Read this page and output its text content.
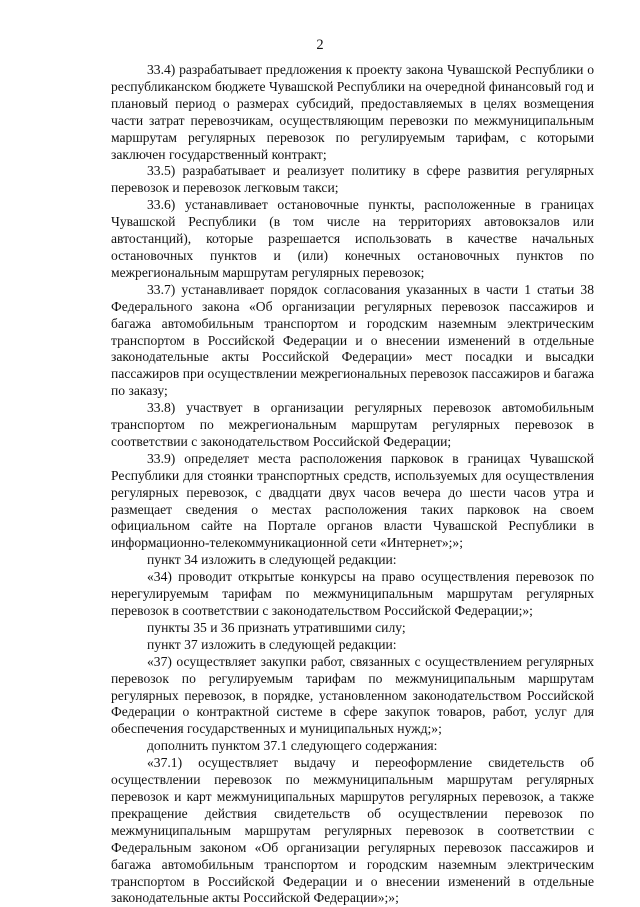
2

33.4) разрабатывает предложения к проекту закона Чувашской Республики о республиканском бюджете Чувашской Республики на очередной финансовый год и плановый период о размерах субсидий, предоставляемых в целях возмещения части затрат перевозчикам, осуществляющим перевозки по межмуниципальным маршрутам регулярных перевозок по регулируемым тарифам, с которыми заключен государственный контракт;

33.5) разрабатывает и реализует политику в сфере развития регулярных перевозок и перевозок легковым такси;

33.6) устанавливает остановочные пункты, расположенные в границах Чувашской Республики (в том числе на территориях автовокзалов или автостанций), которые разрешается использовать в качестве начальных остановочных пунктов и (или) конечных остановочных пунктов по межрегиональным маршрутам регулярных перевозок;

33.7) устанавливает порядок согласования указанных в части 1 статьи 38 Федерального закона «Об организации регулярных перевозок пассажиров и багажа автомобильным транспортом и городским наземным электрическим транспортом в Российской Федерации и о внесении изменений в отдельные законодательные акты Российской Федерации» мест посадки и высадки пассажиров при осуществлении межрегиональных перевозок пассажиров и багажа по заказу;

33.8) участвует в организации регулярных перевозок автомобильным транспортом по межрегиональным маршрутам регулярных перевозок в соответствии с законодательством Российской Федерации;

33.9) определяет места расположения парковок в границах Чувашской Республики для стоянки транспортных средств, используемых для осуществления регулярных перевозок, с двадцати двух часов вечера до шести часов утра и размещает сведения о местах расположения таких парковок на своем официальном сайте на Портале органов власти Чувашской Республики в информационно-телекоммуникационной сети «Интернет»;»;

пункт 34 изложить в следующей редакции:

«34) проводит открытые конкурсы на право осуществления перевозок по нерегулируемым тарифам по межмуниципальным маршрутам регулярных перевозок в соответствии с законодательством Российской Федерации;»;

пункты 35 и 36 признать утратившими силу;

пункт 37 изложить в следующей редакции:

«37) осуществляет закупки работ, связанных с осуществлением регулярных перевозок по регулируемым тарифам по межмуниципальным маршрутам регулярных перевозок, в порядке, установленном законодательством Российской Федерации о контрактной системе в сфере закупок товаров, работ, услуг для обеспечения государственных и муниципальных нужд;»;

дополнить пунктом 37.1 следующего содержания:

«37.1) осуществляет выдачу и переоформление свидетельств об осуществлении перевозок по межмуниципальным маршрутам регулярных перевозок и карт межмуниципальных маршрутов регулярных перевозок, а также прекращение действия свидетельств об осуществлении перевозок по межмуниципальным маршрутам регулярных перевозок в соответствии с Федеральным законом «Об организации регулярных перевозок пассажиров и багажа автомобильным транспортом и городским наземным электрическим транспортом в Российской Федерации и о внесении изменений в отдельные законодательные акты Российской Федерации»;»;
